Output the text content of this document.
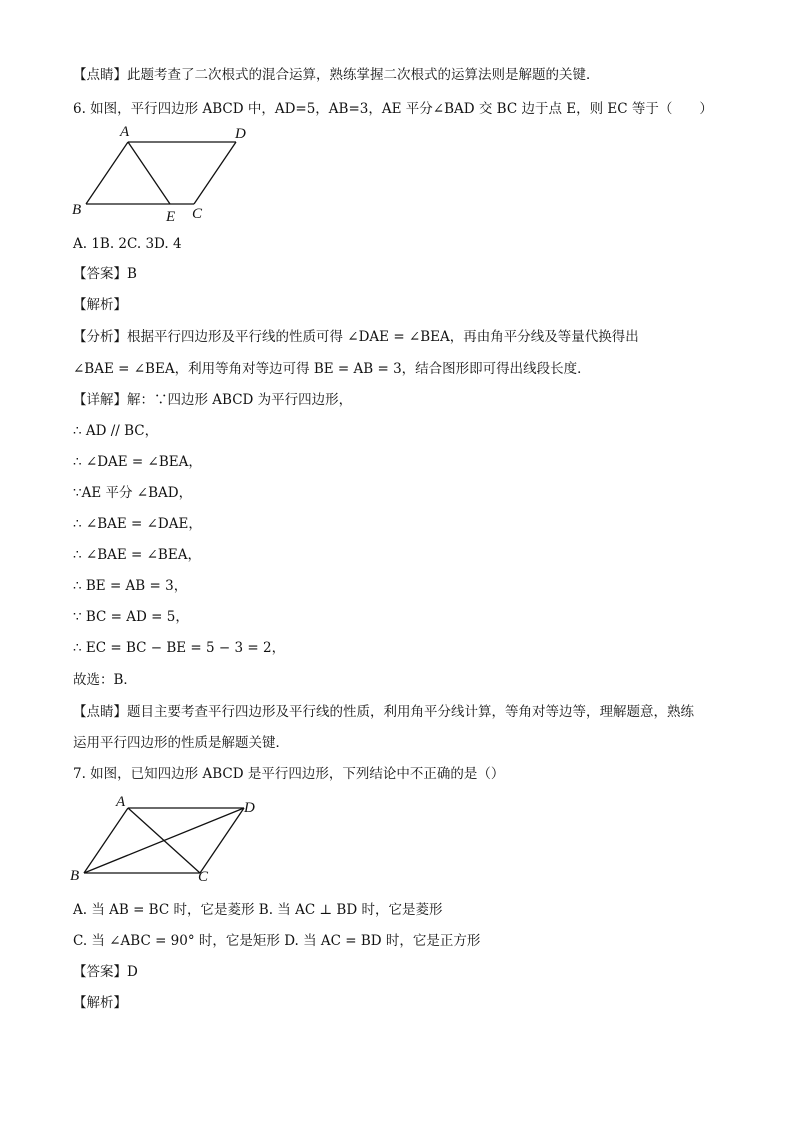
【点睛】此题考查了二次根式的混合运算，熟练掌握二次根式的运算法则是解题的关键．
6. 如图，平行四边形 ABCD 中，AD=5，AB=3，AE 平分∠BAD 交 BC 边于点 E，则 EC 等于（　　）
A	D
B	E C
A. 1B. 2C. 3D. 4
【答案】B
【解析】
【分析】根据平行四边形及平行线的性质可得 ∠DAE = ∠BEA，再由角平分线及等量代换得出
∠BAE = ∠BEA，利用等角对等边可得 BE = AB = 3，结合图形即可得出线段长度．
【详解】解：∵四边形 ABCD 为平行四边形，
∴ AD // BC，
∴ ∠DAE = ∠BEA，
∵AE 平分 ∠BAD，
∴ ∠BAE = ∠DAE，
∴ ∠BAE = ∠BEA，
∴ BE = AB = 3，
∵ BC = AD = 5，
∴ EC = BC − BE = 5 − 3 = 2，
故选：B．
【点睛】题目主要考查平行四边形及平行线的性质，利用角平分线计算，等角对等边等，理解题意，熟练
运用平行四边形的性质是解题关键．
7. 如图，已知四边形 ABCD 是平行四边形，下列结论中不正确的是（）
A	D
B	C
A. 当 AB = BC 时，它是菱形 B. 当 AC ⊥ BD 时，它是菱形
C. 当 ∠ABC = 90° 时，它是矩形 D. 当 AC = BD 时，它是正方形
【答案】D
【解析】
